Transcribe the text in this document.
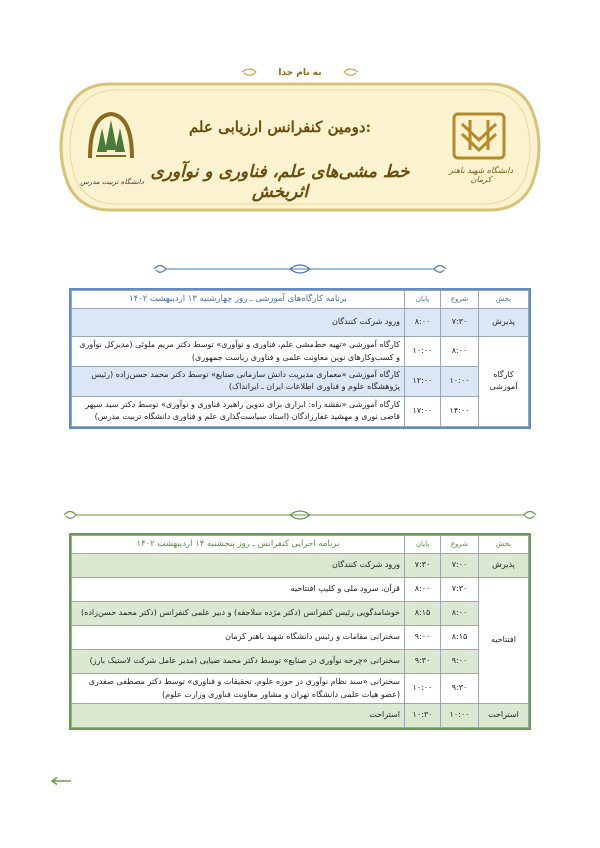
به نام خدا
دومین کنفرانس ارزیابی علم:
خط مشی‌های علم، فناوری و نوآوری اثربخش
دانشگاه شهید باهنر کرمان
دانشگاه تربیت مدرس
بخش	شروع	پایان	برنامه کارگاه‌های آموزشی ـ روز چهارشنبه ۱۳ اردیبهشت ۱۴۰۲
پذیرش	۷:۳۰	۸:۰۰	ورود شرکت کنندگان
کارگاه آموزشی	۸:۰۰	۱۰:۰۰	کارگاه آموزشی «تهیه خط‌مشی علم، فناوری و نوآوری» توسط دکتر مریم ملوئی (مدیرکل نوآوری و کسب‌وکارهای نوین معاونت علمی و فناوری ریاست جمهوری)
	۱۰:۰۰	۱۲:۰۰	کارگاه آموزشی «معماری مدیریت دانش سازمانی صنایع» توسط دکتر محمد حسن‌زاده (رئیس پژوهشگاه علوم و فناوری اطلاعات ایران ـ ایرانداک)
	۱۴:۰۰	۱۷:۰۰	کارگاه آموزشی «نقشه راه: ابزاری برای تدوین راهبرد فناوری و نوآوری» توسط دکتر سید سپهر قاضی نوری و مهشید غفارزادگان (استاد سیاست‌گذاری علم و فناوری دانشگاه تربیت مدرس)
بخش	شروع	پایان	برنامه اجرایی کنفرانس ـ روز پنجشنبه ۱۴ اردیبهشت ۱۴۰۲
پذیرش	۷:۰۰	۷:۳۰	ورود شرکت کنندگان
افتتاحیه	۷:۳۰	۸:۰۰	قرآن، سرود ملی و کلیپ افتتاحیه
	۸:۰۰	۸:۱۵	خوشامدگویی رئیس کنفرانس (دکتر مژده سلاجقه) و دبیر علمی کنفرانس (دکتر محمد حسن‌زاده)
	۸:۱۵	۹:۰۰	سخنرانی مقامات و رئیس دانشگاه شهید باهنر کرمان
	۹:۰۰	۹:۳۰	سخنرانی «چرخه نوآوری در صنایع» توسط دکتر محمد ضیایی (مدیر عامل شرکت لاستیک بارز)
	۹:۳۰	۱۰:۰۰	سخنرانی «سند نظام نوآوری در حوزه علوم، تحقیقات و فناوری» توسط دکتر مصطفی صفدری (عضو هیات علمی دانشگاه تهران و مشاور معاونت فناوری وزارت علوم)
استراحت	۱۰:۰۰	۱۰:۳۰	استراحت
